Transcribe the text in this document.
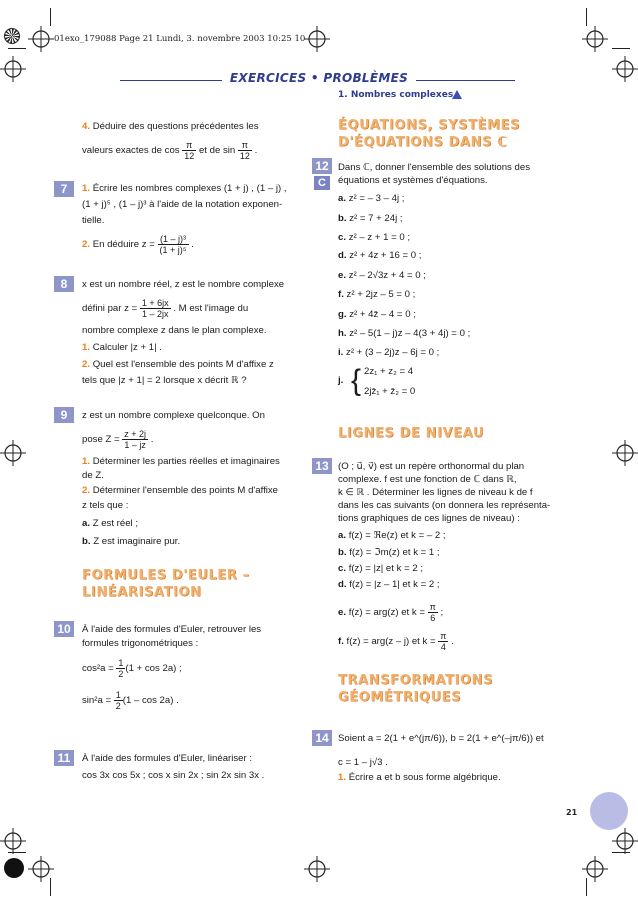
01exo_179088 Page 21 Lundi, 3. novembre 2003 10:25 10
EXERCICES • PROBLÈMES
1. Nombres complexes
4. Déduire des questions précédentes les
valeurs exactes de $\cos \frac{\pi}{12}$ et de $\sin \frac{\pi}{12}$ .
7	1. Écrire les nombres complexes (1 + j) , (1 – j) ,
(1 + j)⁵ , (1 – j)³ à l'aide de la notation exponen-
tielle.
2. En déduire $z = \frac{\text{(1 – j)³}}{\text{(1 + j)⁵}}$ .
8	x est un nombre réel, z est le nombre complexe
défini par $z = \frac{1 + 6jx}{1 - 2jx}$ . M est l'image du
nombre complexe z dans le plan complexe.
1. Calculer |z + 1| .
2. Quel est l'ensemble des points M d'affixe z
tels que |z + 1| = 2 lorsque x décrit ℝ ?
9	z est un nombre complexe quelconque. On
pose $Z = \frac{z + 2j}{1 - jz}$ .
1. Déterminer les parties réelles et imaginaires
de Z.
2. Déterminer l'ensemble des points M d'affixe
z tels que :
a. Z est réel ;
b. Z est imaginaire pur.
FORMULES D'EULER –
LINÉARISATION
10	À l'aide des formules d'Euler, retrouver les
formules trigonométriques :
$\cos^2a = \frac{1}{2} (1 + \cos 2a)$ ;
$\sin^2a = \frac{1}{2} (1 - \cos 2a)$ .
11	À l'aide des formules d'Euler, linéariser :
cos 3x cos 5x ; cos x sin 2x ; sin 2x sin 3x .
ÉQUATIONS, SYSTÈMES
D'ÉQUATIONS DANS ℂ
12
C
Dans ℂ, donner l'ensemble des solutions des
équations et systèmes d'équations.
a. z² = – 3 – 4j ;
b. z² = 7 + 24j ;
c. z² – z + 1 = 0 ;
d. z² + 4z + 16 = 0 ;
e. z² – 2√3z + 4 = 0 ;
f. z² + 2jz – 5 = 0 ;
g. z² + 4z̄ – 4 = 0 ;
h. z² – 5(1 – j)z – 4(3 + 4j) = 0 ;
i. z² + (3 – 2j)z – 6j = 0 ;
j. { 2z₁ + z₂ = 4
2jz̄₁ + z̄₂ = 0
LIGNES DE NIVEAU
13 (O ; u⃗, v⃗) est un repère orthonormal du plan
complexe. f est une fonction de ℂ dans ℝ,
k ∈ ℝ . Déterminer les lignes de niveau k de f
dans les cas suivants (on donnera les représenta-
tions graphiques de ces lignes de niveau) :
a. f(z) = ℜe(z) et k = – 2 ;
b. f(z) = ℑm(z) et k = 1 ;
c. f(z) = |z| et k = 2 ;
d. f(z) = |z – 1| et k = 2 ;
e. f(z) = arg(z) et $k = \frac{\pi}{6}$ ;
f. f(z) = arg(z – j) et $k = \frac{\pi}{4}$ .
TRANSFORMATIONS
GÉOMÉTRIQUES
14 Soient a = 2(1 + e^(jπ/6)), b = 2(1 + e^(–jπ/6)) et
c = 1 – j√3 .
1. Écrire a et b sous forme algébrique.
21
